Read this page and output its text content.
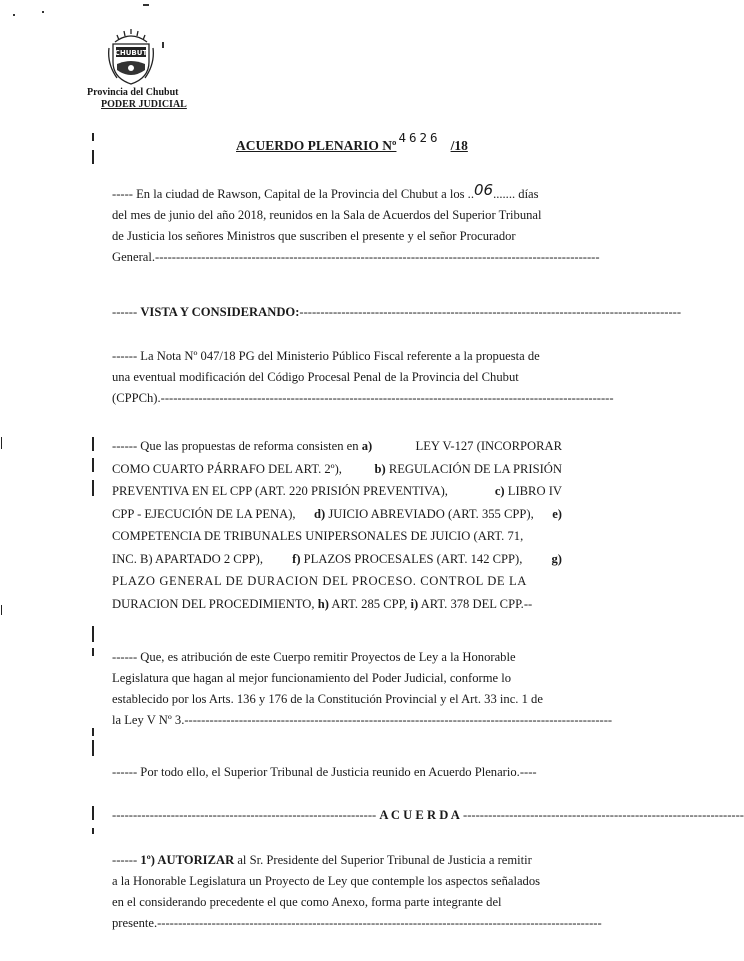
CHUBUT
Provincia del Chubut
PODER JUDICIAL
ACUERDO PLENARIO Nº4626/18
----- En la ciudad de Rawson, Capital de la Provincia del Chubut a los .. 06 ....... días
del mes de junio del año 2018, reunidos en la Sala de Acuerdos del Superior Tribunal
de Justicia los señores Ministros que suscriben el presente y el señor Procurador
General.----------------------------------------------------------------------------------------------------------
------
VISTA Y CONSIDERANDO: -------------------------------------------------------------------------------------------
------ La Nota Nº 047/18 PG del Ministerio Público Fiscal referente a la propuesta de
una eventual modificación del Código Procesal Penal de la Provincia del Chubut
(CPPCh).------------------------------------------------------------------------------------------------------------
------ Que las propuestas de reforma consisten en a)	LEY V-127 (INCORPORAR
COMO CUARTO PÁRRAFO DEL ART. 2º),	b) REGULACIÓN DE LA PRISIÓN
PREVENTIVA EN EL CPP (ART. 220 PRISIÓN PREVENTIVA),	c) LIBRO IV
CPP - EJECUCIÓN DE LA PENA), d) JUICIO ABREVIADO (ART. 355 CPP), e)
COMPETENCIA DE TRIBUNALES UNIPERSONALES DE JUICIO (ART. 71,
INC. B) APARTADO 2 CPP), f) PLAZOS PROCESALES (ART. 142 CPP), g)
PLAZO GENERAL DE DURACION DEL PROCESO. CONTROL DE LA
DURACION DEL PROCEDIMIENTO,
h) ART. 285 CPP,
i) ART. 378 DEL CPP.--
------ Que, es atribución de este Cuerpo remitir Proyectos de Ley a la Honorable
Legislatura que hagan al mejor funcionamiento del Poder Judicial, conforme lo
establecido por los Arts. 136 y 176 de la Constitución Provincial y el Art. 33 inc. 1 de
la Ley V Nº 3.------------------------------------------------------------------------------------------------------
------ Por todo ello, el Superior Tribunal de Justicia reunido en Acuerdo Plenario.----
---------------------------------------------------------------
A C U E R D A
-------------------------------------------------------------------
------
1º) AUTORIZAR
al Sr. Presidente del Superior Tribunal de Justicia a remitir
a la Honorable Legislatura un Proyecto de Ley que contemple los aspectos señalados
en el considerando precedente el que como Anexo, forma parte integrante del
presente.----------------------------------------------------------------------------------------------------------
